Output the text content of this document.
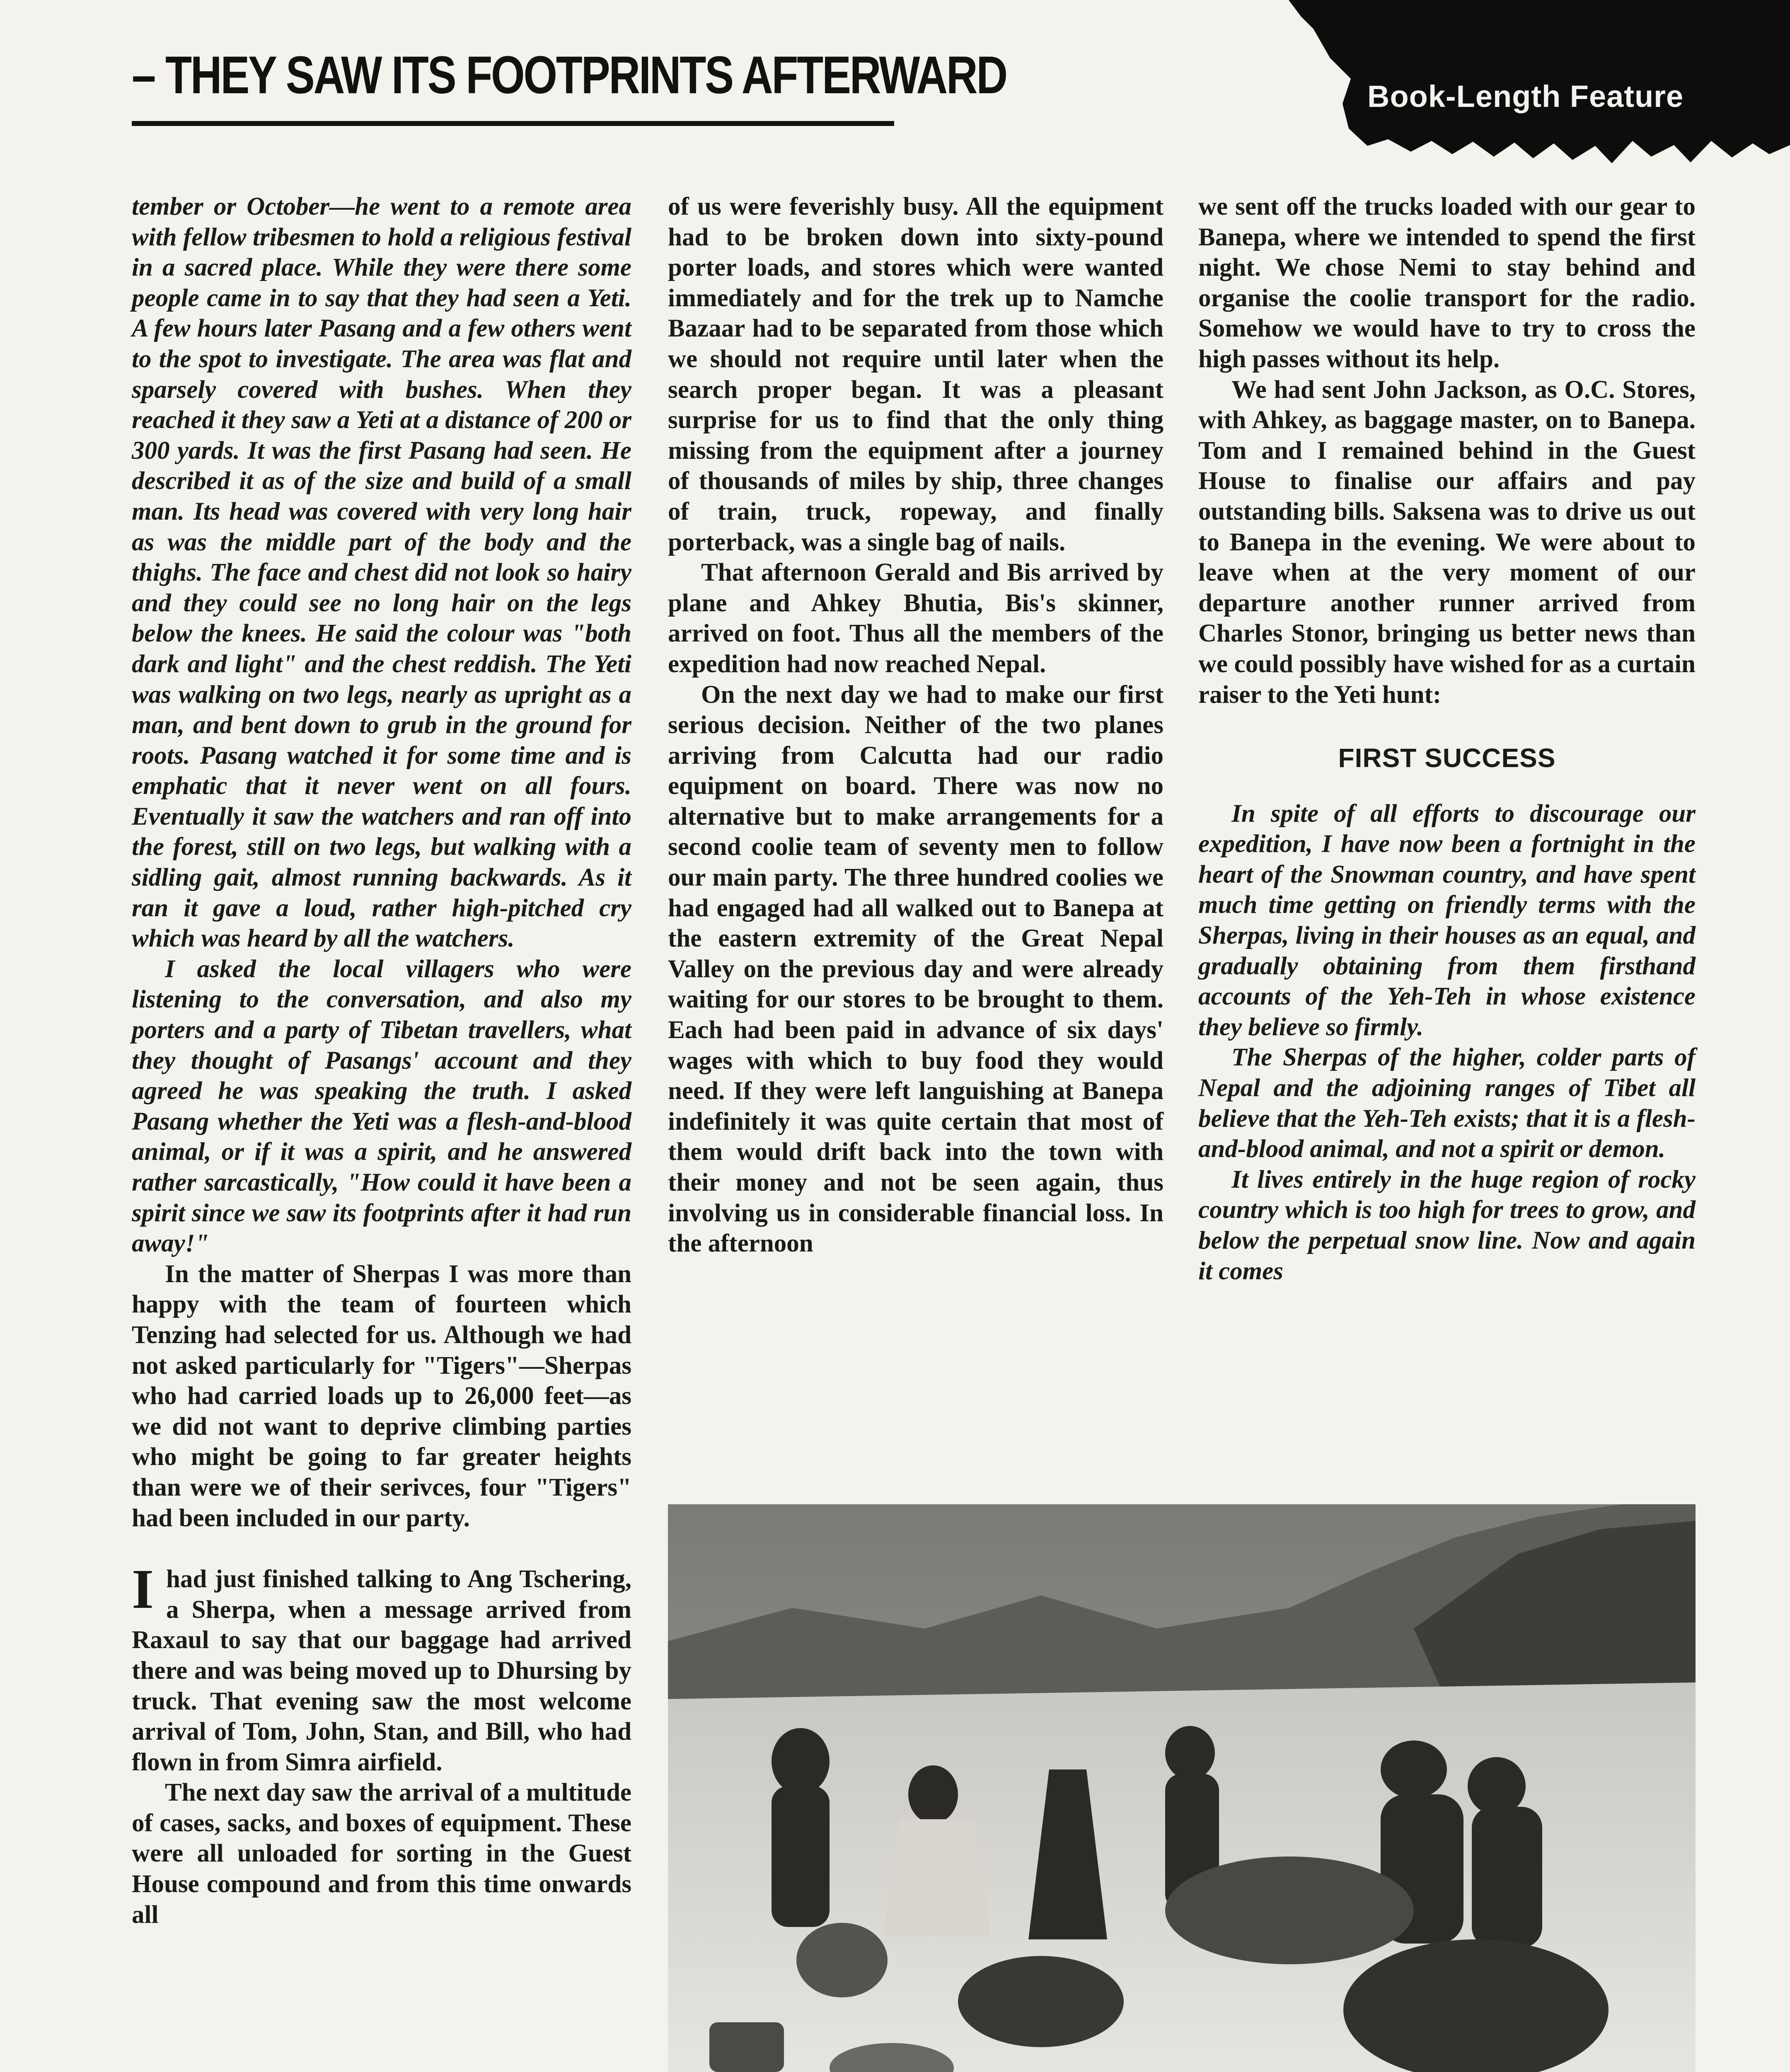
– THEY SAW ITS FOOTPRINTS AFTERWARD	Book-Length Feature

tember or October—he went to a remote area with fellow tribesmen to hold a religious festival in a sacred place. While they were there some people came in to say that they had seen a Yeti. A few hours later Pasang and a few others went to the spot to investigate. The area was flat and sparsely covered with bushes. When they reached it they saw a Yeti at a distance of 200 or 300 yards. It was the first Pasang had seen. He described it as of the size and build of a small man. Its head was covered with very long hair as was the middle part of the body and the thighs. The face and chest did not look so hairy and they could see no long hair on the legs below the knees. He said the colour was "both dark and light" and the chest reddish. The Yeti was walking on two legs, nearly as upright as a man, and bent down to grub in the ground for roots. Pasang watched it for some time and is emphatic that it never went on all fours. Eventually it saw the watchers and ran off into the forest, still on two legs, but walking with a sidling gait, almost running backwards. As it ran it gave a loud, rather high-pitched cry which was heard by all the watchers.

I asked the local villagers who were listening to the conversation, and also my porters and a party of Tibetan travellers, what they thought of Pasangs' account and they agreed he was speaking the truth. I asked Pasang whether the Yeti was a flesh-and-blood animal, or if it was a spirit, and he answered rather sarcastically, "How could it have been a spirit since we saw its footprints after it had run away!"

In the matter of Sherpas I was more than happy with the team of fourteen which Tenzing had selected for us. Although we had not asked particularly for "Tigers"—Sherpas who had carried loads up to 26,000 feet—as we did not want to deprive climbing parties who might be going to far greater heights than were we of their serivces, four "Tigers" had been included in our party.

Ihad just finished talking to Ang Tschering, a Sherpa, when a message arrived from Raxaul to say that our baggage had arrived there and was being moved up to Dhursing by truck. That evening saw the most welcome arrival of Tom, John, Stan, and Bill, who had flown in from Simra airfield.

The next day saw the arrival of a multitude of cases, sacks, and boxes of equipment. These were all unloaded for sorting in the Guest House compound and from this time onwards all

of us were feverishly busy. All the equipment had to be broken down into sixty-pound porter loads, and stores which were wanted immediately and for the trek up to Namche Bazaar had to be separated from those which we should not require until later when the search proper began. It was a pleasant surprise for us to find that the only thing missing from the equipment after a journey of thousands of miles by ship, three changes of train, truck, ropeway, and finally porterback, was a single bag of nails.

That afternoon Gerald and Bis arrived by plane and Ahkey Bhutia, Bis's skinner, arrived on foot. Thus all the members of the expedition had now reached Nepal.

On the next day we had to make our first serious decision. Neither of the two planes arriving from Calcutta had our radio equipment on board. There was now no alternative but to make arrangements for a second coolie team of seventy men to follow our main party. The three hundred coolies we had engaged had all walked out to Banepa at the eastern extremity of the Great Nepal Valley on the previous day and were already waiting for our stores to be brought to them. Each had been paid in advance of six days' wages with which to buy food they would need. If they were left languishing at Banepa indefinitely it was quite certain that most of them would drift back into the town with their money and not be seen again, thus involving us in considerable financial loss. In the afternoon

we sent off the trucks loaded with our gear to Banepa, where we intended to spend the first night. We chose Nemi to stay behind and organise the coolie transport for the radio. Somehow we would have to try to cross the high passes without its help.

We had sent John Jackson, as O.C. Stores, with Ahkey, as baggage master, on to Banepa. Tom and I remained behind in the Guest House to finalise our affairs and pay outstanding bills. Saksena was to drive us out to Banepa in the evening. We were about to leave when at the very moment of our departure another runner arrived from Charles Stonor, bringing us better news than we could possibly have wished for as a curtain raiser to the Yeti hunt:

FIRST SUCCESS

In spite of all efforts to discourage our expedition, I have now been a fortnight in the heart of the Snowman country, and have spent much time getting on friendly terms with the Sherpas, living in their houses as an equal, and gradually obtaining from them firsthand accounts of the Yeh-Teh in whose existence they believe so firmly.

The Sherpas of the higher, colder parts of Nepal and the adjoining ranges of Tibet all believe that the Yeh-Teh exists; that it is a flesh-and-blood animal, and not a spirit or demon.

It lives entirely in the huge region of rocky country which is too high for trees to grow, and below the perpetual snow line. Now and again it comes
